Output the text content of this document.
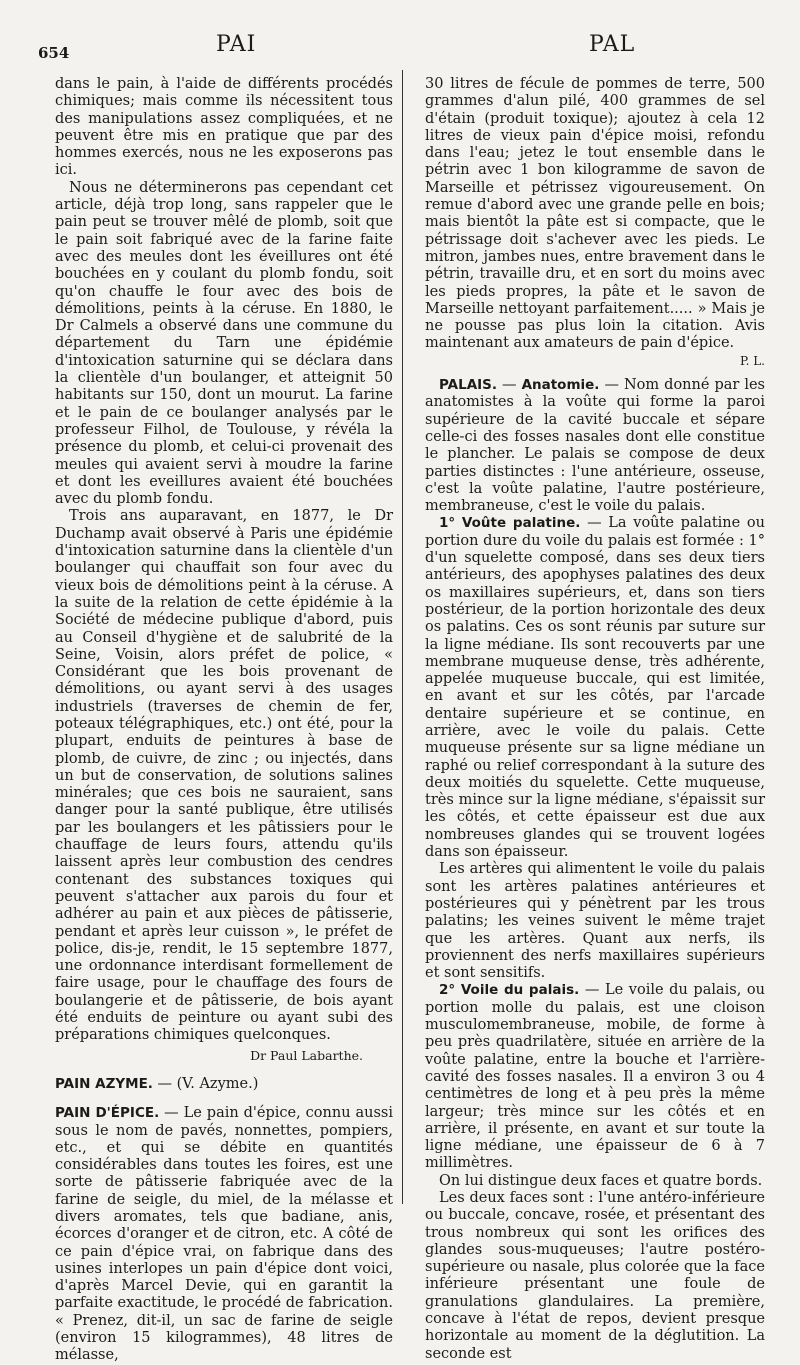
654	PAI	PAL

dans le pain, à l'aide de différents procédés chimiques; mais comme ils nécessitent tous des manipulations assez compliquées, et ne peuvent être mis en pratique que par des hommes exercés, nous ne les exposerons pas ici.

Nous ne déterminerons pas cependant cet article, déjà trop long, sans rappeler que le pain peut se trouver mêlé de plomb, soit que le pain soit fabriqué avec de la farine faite avec des meules dont les éveillures ont été bouchées en y coulant du plomb fondu, soit qu'on chauffe le four avec des bois de démolitions, peints à la céruse. En 1880, le Dr Calmels a observé dans une commune du département du Tarn une épidémie d'intoxication saturnine qui se déclara dans la clientèle d'un boulanger, et atteignit 50 habitants sur 150, dont un mourut. La farine et le pain de ce boulanger analysés par le professeur Filhol, de Toulouse, y révéla la présence du plomb, et celui-ci provenait des meules qui avaient servi à moudre la farine et dont les eveillures avaient été bouchées avec du plomb fondu.

Trois ans auparavant, en 1877, le Dr Duchamp avait observé à Paris une épidémie d'intoxication saturnine dans la clientèle d'un boulanger qui chauffait son four avec du vieux bois de démolitions peint à la céruse. A la suite de la relation de cette épidémie à la Société de médecine publique d'abord, puis au Conseil d'hygiène et de salubrité de la Seine, Voisin, alors préfet de police, « Considérant que les bois provenant de démolitions, ou ayant servi à des usages industriels (traverses de chemin de fer, poteaux télégraphiques, etc.) ont été, pour la plupart, enduits de peintures à base de plomb, de cuivre, de zinc ; ou injectés, dans un but de conservation, de solutions salines minérales; que ces bois ne sauraient, sans danger pour la santé publique, être utilisés par les boulangers et les pâtissiers pour le chauffage de leurs fours, attendu qu'ils laissent après leur combustion des cendres contenant des substances toxiques qui peuvent s'attacher aux parois du four et adhérer au pain et aux pièces de pâtisserie, pendant et après leur cuisson », le préfet de police, dis-je, rendit, le 15 septembre 1877, une ordonnance interdisant formellement de faire usage, pour le chauffage des fours de boulangerie et de pâtisserie, de bois ayant été enduits de peinture ou ayant subi des préparations chimiques quelconques.

Dr Paul Labarthe.

PAIN AZYME. — (V. Azyme.)

PAIN D'ÉPICE. — Le pain d'épice, connu aussi sous le nom de pavés, nonnettes, pompiers, etc., et qui se débite en quantités considérables dans toutes les foires, est une sorte de pâtisserie fabriquée avec de la farine de seigle, du miel, de la mélasse et divers aromates, tels que badiane, anis, écorces d'oranger et de citron, etc. A côté de ce pain d'épice vrai, on fabrique dans des usines interlopes un pain d'épice dont voici, d'après Marcel Devie, qui en garantit la parfaite exactitude, le procédé de fabrication. « Prenez, dit-il, un sac de farine de seigle (environ 15 kilogrammes), 48 litres de mélasse,

30 litres de fécule de pommes de terre, 500 grammes d'alun pilé, 400 grammes de sel d'étain (produit toxique); ajoutez à cela 12 litres de vieux pain d'épice moisi, refondu dans l'eau; jetez le tout ensemble dans le pétrin avec 1 bon kilogramme de savon de Marseille et pétrissez vigoureusement. On remue d'abord avec une grande pelle en bois; mais bientôt la pâte est si compacte, que le pétrissage doit s'achever avec les pieds. Le mitron, jambes nues, entre bravement dans le pétrin, travaille dru, et en sort du moins avec les pieds propres, la pâte et le savon de Marseille nettoyant parfaitement..... » Mais je ne pousse pas plus loin la citation. Avis maintenant aux amateurs de pain d'épice.

P. L.

PALAIS. — Anatomie. — Nom donné par les anatomistes à la voûte qui forme la paroi supérieure de la cavité buccale et sépare celle-ci des fosses nasales dont elle constitue le plancher. Le palais se compose de deux parties distinctes : l'une antérieure, osseuse, c'est la voûte palatine, l'autre postérieure, membraneuse, c'est le voile du palais.

1° Voûte palatine. — La voûte palatine ou portion dure du voile du palais est formée : 1° d'un squelette composé, dans ses deux tiers antérieurs, des apophyses palatines des deux os maxillaires supérieurs, et, dans son tiers postérieur, de la portion horizontale des deux os palatins. Ces os sont réunis par suture sur la ligne médiane. Ils sont recouverts par une membrane muqueuse dense, très adhérente, appelée muqueuse buccale, qui est limitée, en avant et sur les côtés, par l'arcade dentaire supérieure et se continue, en arrière, avec le voile du palais. Cette muqueuse présente sur sa ligne médiane un raphé ou relief correspondant à la suture des deux moitiés du squelette. Cette muqueuse, très mince sur la ligne médiane, s'épaissit sur les côtés, et cette épaisseur est due aux nombreuses glandes qui se trouvent logées dans son épaisseur.

Les artères qui alimentent le voile du palais sont les artères palatines antérieures et postérieures qui y pénètrent par les trous palatins; les veines suivent le même trajet que les artères. Quant aux nerfs, ils proviennent des nerfs maxillaires supérieurs et sont sensitifs.

2° Voile du palais. — Le voile du palais, ou portion molle du palais, est une cloison musculomembraneuse, mobile, de forme à peu près quadrilatère, située en arrière de la voûte palatine, entre la bouche et l'arrière-cavité des fosses nasales. Il a environ 3 ou 4 centimètres de long et à peu près la même largeur; très mince sur les côtés et en arrière, il présente, en avant et sur toute la ligne médiane, une épaisseur de 6 à 7 millimètres.

On lui distingue deux faces et quatre bords.

Les deux faces sont : l'une antéro-inférieure ou buccale, concave, rosée, et présentant des trous nombreux qui sont les orifices des glandes sous-muqueuses; l'autre postéro-supérieure ou nasale, plus colorée que la face inférieure présentant une foule de granulations glandulaires. La première, concave à l'état de repos, devient presque horizontale au moment de la déglutition. La seconde est
